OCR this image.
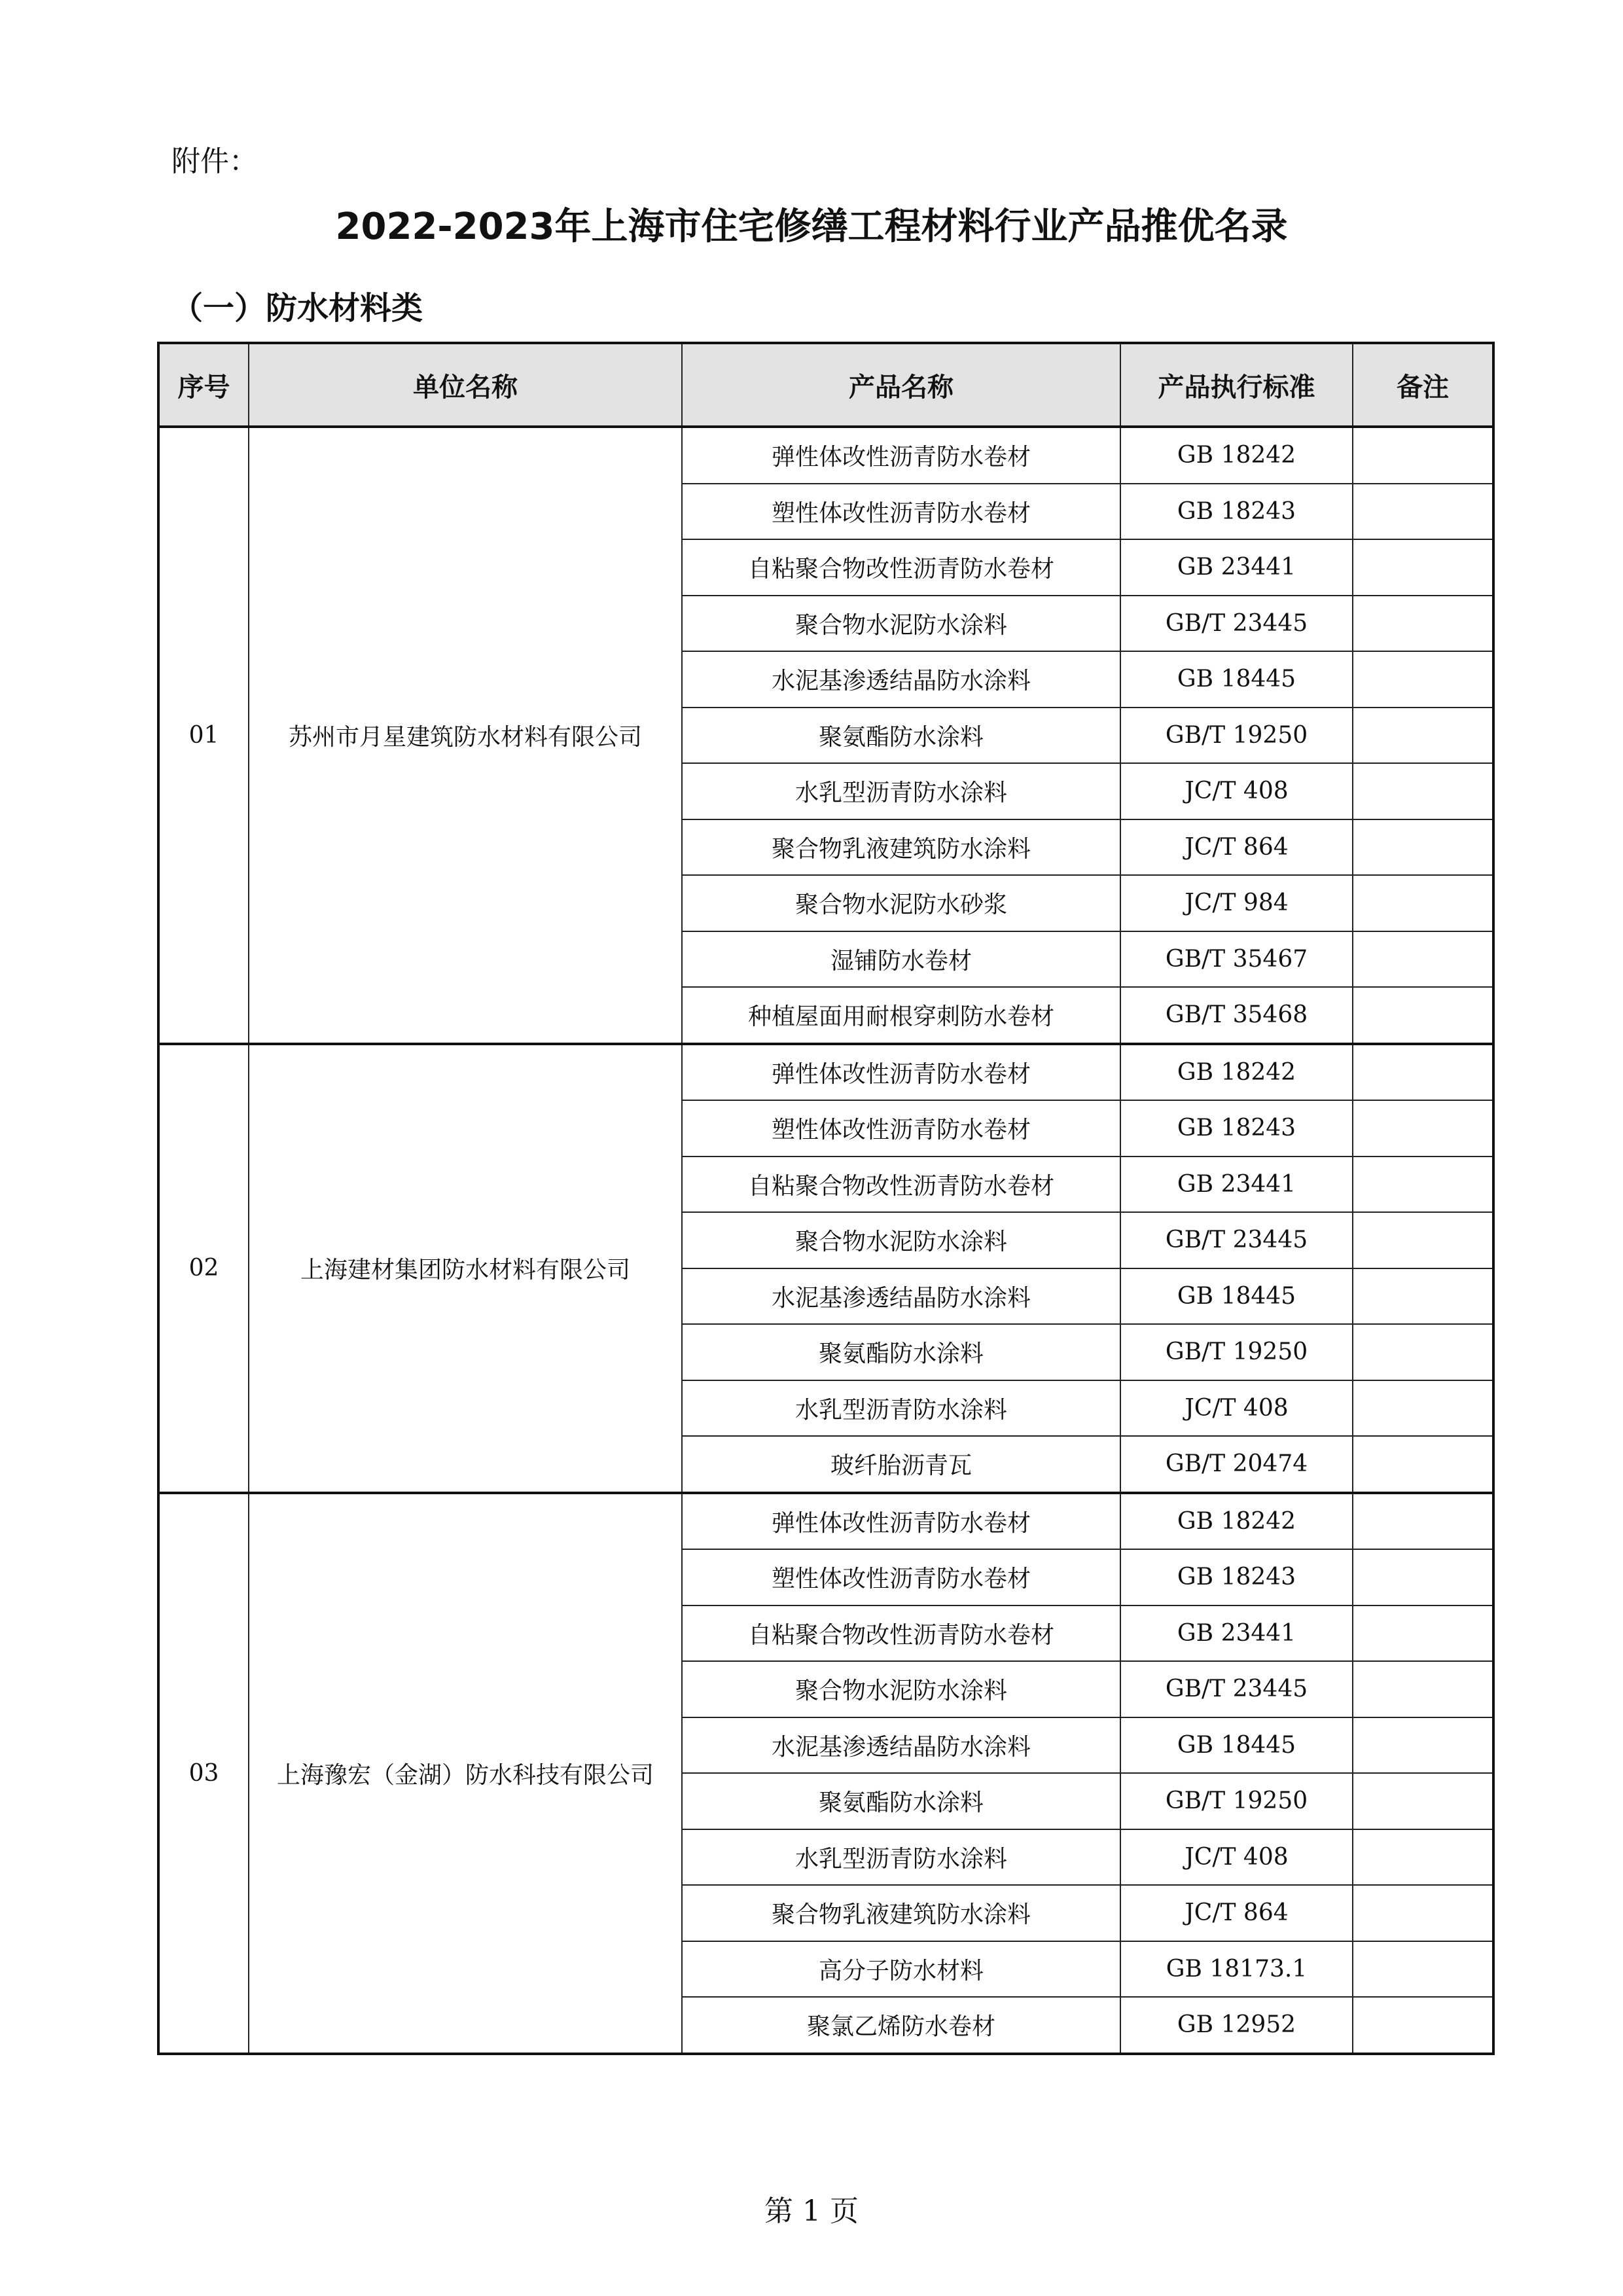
附件：
2022-2023年上海市住宅修缮工程材料行业产品推优名录
（一）防水材料类
序号	单位名称	产品名称	产品执行标准	备注
01	苏州市月星建筑防水材料有限公司	弹性体改性沥青防水卷材	GB 18242	
		塑性体改性沥青防水卷材	GB 18243	
		自粘聚合物改性沥青防水卷材	GB 23441	
		聚合物水泥防水涂料	GB/T 23445	
		水泥基渗透结晶防水涂料	GB 18445	
		聚氨酯防水涂料	GB/T 19250	
		水乳型沥青防水涂料	JC/T 408	
		聚合物乳液建筑防水涂料	JC/T 864	
		聚合物水泥防水砂浆	JC/T 984	
		湿铺防水卷材	GB/T 35467	
		种植屋面用耐根穿刺防水卷材	GB/T 35468	
02	上海建材集团防水材料有限公司	弹性体改性沥青防水卷材	GB 18242	
		塑性体改性沥青防水卷材	GB 18243	
		自粘聚合物改性沥青防水卷材	GB 23441	
		聚合物水泥防水涂料	GB/T 23445	
		水泥基渗透结晶防水涂料	GB 18445	
		聚氨酯防水涂料	GB/T 19250	
		水乳型沥青防水涂料	JC/T 408	
		玻纤胎沥青瓦	GB/T 20474	
03	上海豫宏（金湖）防水科技有限公司	弹性体改性沥青防水卷材	GB 18242	
		塑性体改性沥青防水卷材	GB 18243	
		自粘聚合物改性沥青防水卷材	GB 23441	
		聚合物水泥防水涂料	GB/T 23445	
		水泥基渗透结晶防水涂料	GB 18445	
		聚氨酯防水涂料	GB/T 19250	
		水乳型沥青防水涂料	JC/T 408	
		聚合物乳液建筑防水涂料	JC/T 864	
		高分子防水材料	GB 18173.1	
		聚氯乙烯防水卷材	GB 12952	
第 1 页
